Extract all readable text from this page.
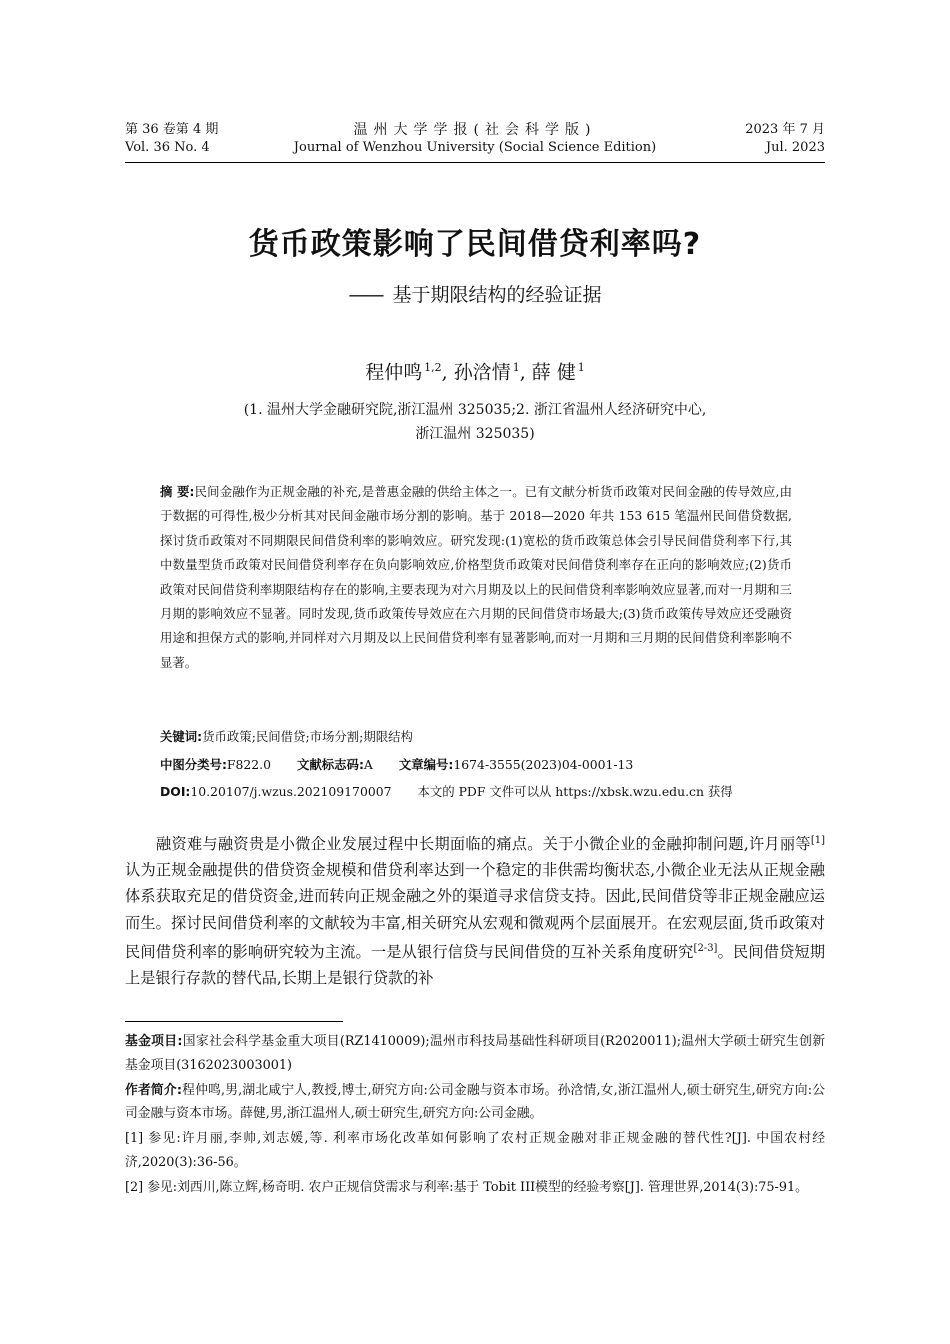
第 36 卷第 4 期
Vol. 36 No. 4
温州大学学报(社会科学版)
Journal of Wenzhou University (Social Science Edition)
2023 年 7 月
Jul. 2023
货币政策影响了民间借贷利率吗?
—— 基于期限结构的经验证据
程仲鸣  $^{1,2}$, 孙浛情  $^1$, 薛 健  $^1$
(1. 温州大学金融研究院,浙江温州 325035;2. 浙江省温州人经济研究中心,
浙江温州 325035)
摘 要:民间金融作为正规金融的补充,是普惠金融的供给主体之一。已有文献分析货币政策对民间金融的传导效应,由于数据的可得性,极少分析其对民间金融市场分割的影响。基于 2018—2020 年共 153 615 笔温州民间借贷数据,探讨货币政策对不同期限民间借贷利率的影响效应。研究发现:(1)宽松的货币政策总体会引导民间借贷利率下行,其中数量型货币政策对民间借贷利率存在负向影响效应,价格型货币政策对民间借贷利率存在正向的影响效应;(2)货币政策对民间借贷利率期限结构存在的影响,主要表现为对六月期及以上的民间借贷利率影响效应显著,而对一月期和三月期的影响效应不显著。同时发现,货币政策传导效应在六月期的民间借贷市场最大;(3)货币政策传导效应还受融资用途和担保方式的影响,并同样对六月期及以上民间借贷利率有显著影响,而对一月期和三月期的民间借贷利率影响不显著。
关键词:货币政策;民间借贷;市场分割;期限结构
中图分类号:F822.0 文献标志码:A 文章编号:1674-3555(2023)04-0001-13
DOI:10.20107/j.wzus.202109170007 本文的 PDF 文件可以从 https://xbsk.wzu.edu.cn 获得
融资难与融资贵是小微企业发展过程中长期面临的痛点。关于小微企业的金融抑制问题,许月丽等[1]认为正规金融提供的借贷资金规模和借贷利率达到一个稳定的非供需均衡状态,小微企业无法从正规金融体系获取充足的借贷资金,进而转向正规金融之外的渠道寻求信贷支持。因此,民间借贷等非正规金融应运而生。探讨民间借贷利率的文献较为丰富,相关研究从宏观和微观两个层面展开。在宏观层面,货币政策对民间借贷利率的影响研究较为主流。一是从银行信贷与民间借贷的互补关系角度研究[2-3]。民间借贷短期上是银行存款的替代品,长期上是银行贷款的补

基金项目:国家社会科学基金重大项目(RZ1410009);温州市科技局基础性科研项目(R2020011);温州大学硕士研究生创新基金项目(3162023003001)

作者简介:程仲鸣,男,湖北咸宁人,教授,博士,研究方向:公司金融与资本市场。孙浛情,女,浙江温州人,硕士研究生,研究方向:公司金融与资本市场。薛健,男,浙江温州人,硕士研究生,研究方向:公司金融。

[1] 参见:许月丽,李帅,刘志媛,等. 利率市场化改革如何影响了农村正规金融对非正规金融的替代性?[J]. 中国农村经济,2020(3):36-56。

[2] 参见:刘西川,陈立辉,杨奇明. 农户正规信贷需求与利率:基于 Tobit III模型的经验考察[J]. 管理世界,2014(3):75-91。
